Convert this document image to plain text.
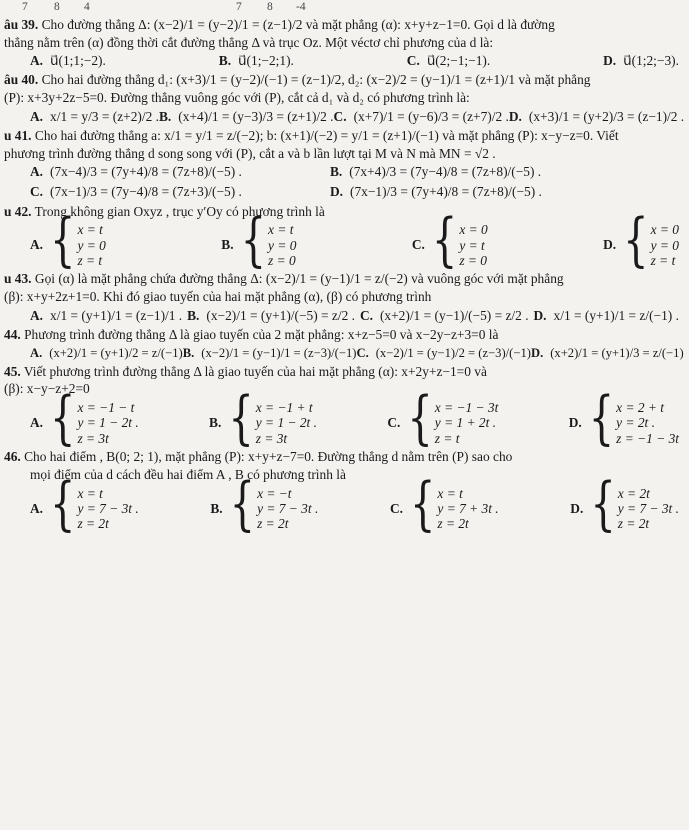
7 8 4	7 8 -4
âu 39. Cho đường thẳng Δ: (x−2)/1 = (y−2)/1 = (z−1)/2 và mặt phẳng (α): x+y+z−1=0. Gọi d là đường
thẳng nằm trên (α) đồng thời cắt đường thẳng Δ và trục Oz. Một véctơ chỉ phương của d là:
A. u⃗(1;1;−2).	B. u⃗(1;−2;1).	C. u⃗(2;−1;−1).	D. u⃗(1;2;−3).
âu 40. Cho hai đường thẳng d₁: (x+3)/1 = (y−2)/(−1) = (z−1)/2, d₂: (x−2)/2 = (y−1)/1 = (z+1)/1 và mặt phẳng
(P): x+3y+2z−5=0. Đường thẳng vuông góc với (P), cắt cả d₁ và d₂ có phương trình là:
A. x/1 = y/3 = (z+2)/2 . B. (x+4)/1 = (y−3)/3 = (z+1)/2 . C. (x+7)/1 = (y−6)/3 = (z+7)/2 . D. (x+3)/1 = (y+2)/3 = (z−1)/2 .
u 41. Cho hai đường thẳng a: x/1 = y/1 = z/(−2); b: (x+1)/(−2) = y/1 = (z+1)/(−1) và mặt phẳng (P): x−y−z=0. Viết
phương trình đường thẳng d song song với (P), cắt a và b lần lượt tại M và N mà MN = √2 .
A. (7x−4)/3 = (7y+4)/8 = (7z+8)/(−5) .	B. (7x+4)/3 = (7y−4)/8 = (7z+8)/(−5) .
C. (7x−1)/3 = (7y−4)/8 = (7z+3)/(−5) .	D. (7x−1)/3 = (7y+4)/8 = (7z+8)/(−5) .
u 42. Trong không gian Oxyz , trục y′Oy có phương trình là
A. { x = t
y = 0
z = t
B. { x = t
y = 0
z = 0
C. { x = 0
y = t
z = 0
D. { x = 0
y = 0
z = t
u 43. Gọi (α) là mặt phẳng chứa đường thẳng Δ: (x−2)/1 = (y−1)/1 = z/(−2) và vuông góc với mặt phẳng
(β): x+y+2z+1=0. Khi đó giao tuyến của hai mặt phẳng (α), (β) có phương trình
A. x/1 = (y+1)/1 = (z−1)/1 . B. (x−2)/1 = (y+1)/(−5) = z/2 . C. (x+2)/1 = (y−1)/(−5) = z/2 . D. x/1 = (y+1)/1 = z/(−1) .
44. Phương trình đường thẳng Δ là giao tuyến của 2 mặt phẳng: x+z−5=0 và x−2y−z+3=0 là
A. (x+2)/1 = (y+1)/2 = z/(−1) B. (x−2)/1 = (y−1)/1 = (z−3)/(−1) C. (x−2)/1 = (y−1)/2 = (z−3)/(−1) D. (x+2)/1 = (y+1)/3 = z/(−1)
45. Viết phương trình đường thẳng Δ là giao tuyến của hai mặt phẳng (α): x+2y+z−1=0 và
(β): x−y−z+2=0
A. { x = −1 − t
y = 1 − 2t .
z = 3t
B. { x = −1 + t
y = 1 − 2t .
z = 3t
C. { x = −1 − 3t
y = 1 + 2t .
z = t
D. { x = 2 + t
y = 2t .
z = −1 − 3t
46. Cho hai điểm , B(0; 2; 1), mặt phẳng (P): x+y+z−7=0. Đường thẳng d nằm trên (P) sao cho
mọi điểm của d cách đều hai điểm A , B có phương trình là
A. { x = t
y = 7 − 3t .
z = 2t
B. { x = −t
y = 7 − 3t .
z = 2t
C. { x = t
y = 7 + 3t .
z = 2t
D. { x = 2t
y = 7 − 3t .
z = 2t
